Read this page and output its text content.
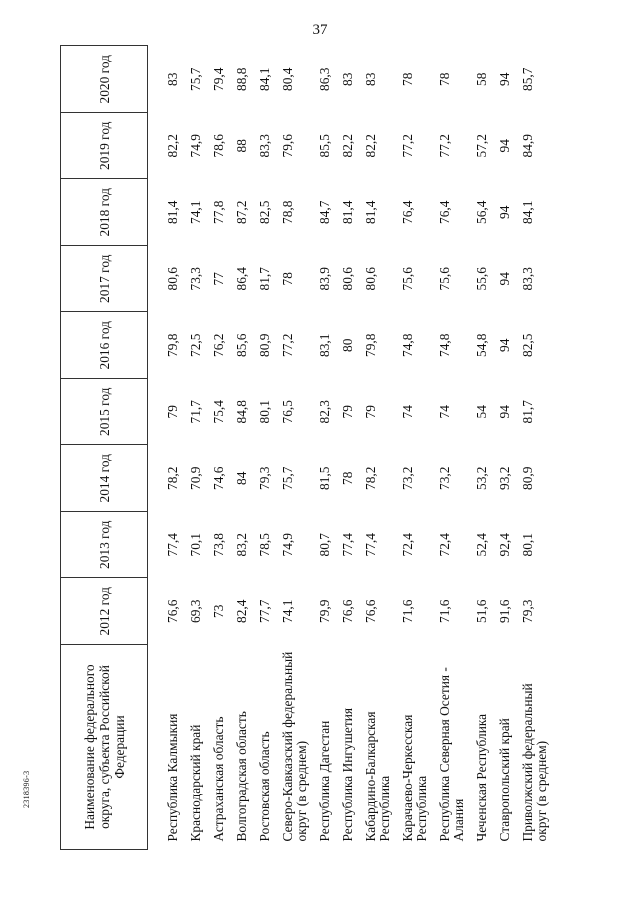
37
Наименование федерального округа, субъекта Российской Федерации	2012 год	2013 год	2014 год	2015 год	2016 год	2017 год	2018 год	2019 год	2020 год
Республика Калмыкия	76,6	77,4	78,2	79	79,8	80,6	81,4	82,2	83
Краснодарский край	69,3	70,1	70,9	71,7	72,5	73,3	74,1	74,9	75,7
Астраханская область	73	73,8	74,6	75,4	76,2	77	77,8	78,6	79,4
Волгоградская область	82,4	83,2	84	84,8	85,6	86,4	87,2	88	88,8
Ростовская область	77,7	78,5	79,3	80,1	80,9	81,7	82,5	83,3	84,1
Северо-Кавказский федеральный округ (в среднем)	74,1	74,9	75,7	76,5	77,2	78	78,8	79,6	80,4
Республика Дагестан	79,9	80,7	81,5	82,3	83,1	83,9	84,7	85,5	86,3
Республика Ингушетия	76,6	77,4	78	79	80	80,6	81,4	82,2	83
Кабардино-Балкарская Республика	76,6	77,4	78,2	79	79,8	80,6	81,4	82,2	83
Карачаево-Черкесская Республика	71,6	72,4	73,2	74	74,8	75,6	76,4	77,2	78
Республика Северная Осетия - Алания	71,6	72,4	73,2	74	74,8	75,6	76,4	77,2	78
Чеченская Республика	51,6	52,4	53,2	54	54,8	55,6	56,4	57,2	58
Ставропольский край	91,6	92,4	93,2	94	94	94	94	94	94
Приволжский федеральный округ (в среднем)	79,3	80,1	80,9	81,7	82,5	83,3	84,1	84,9	85,7
2318396-3
